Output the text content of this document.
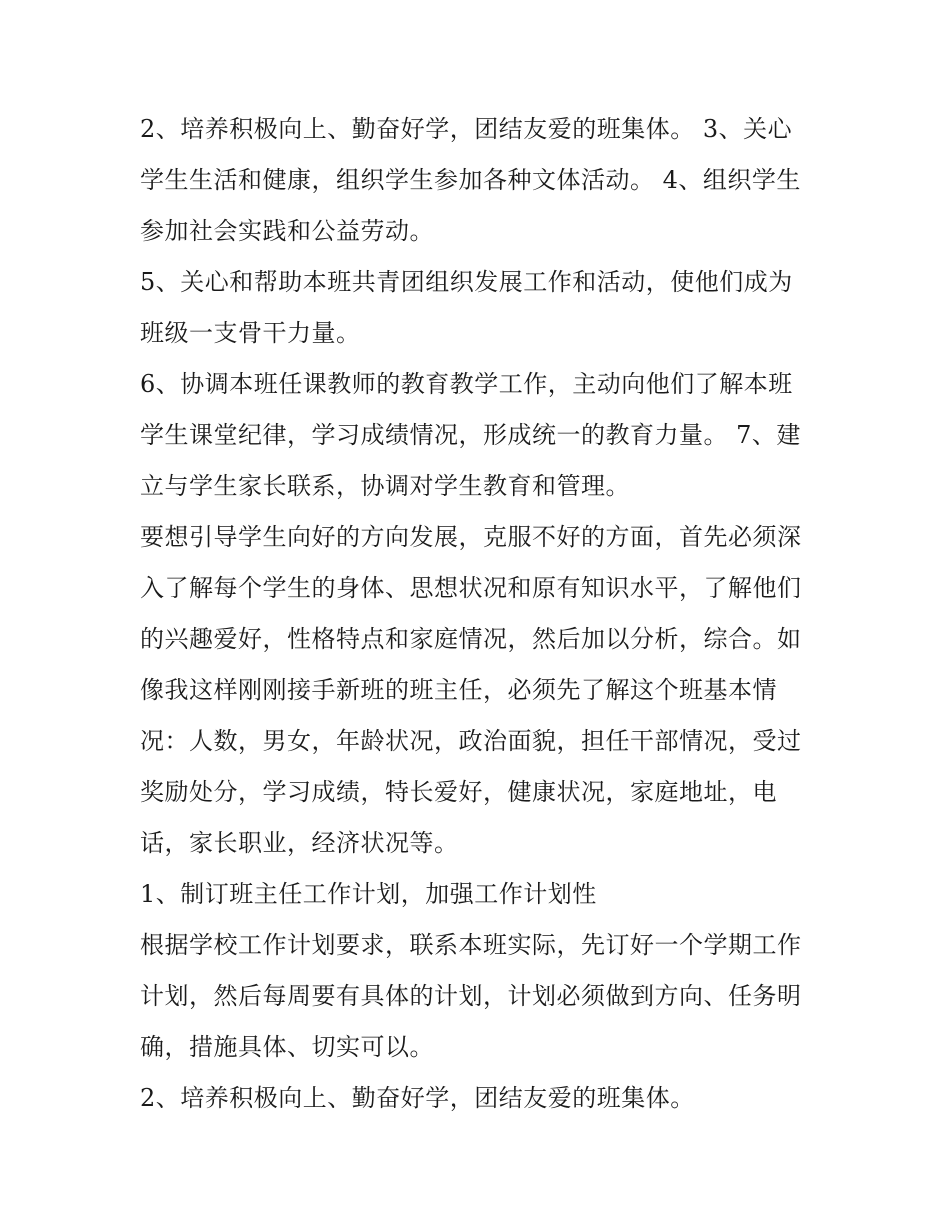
2、培养积极向上、勤奋好学，团结友爱的班集体。 3、关心
学生生活和健康，组织学生参加各种文体活动。 4、组织学生
参加社会实践和公益劳动。
5、关心和帮助本班共青团组织发展工作和活动，使他们成为
班级一支骨干力量。
6、协调本班任课教师的教育教学工作，主动向他们了解本班
学生课堂纪律，学习成绩情况，形成统一的教育力量。 7、建
立与学生家长联系，协调对学生教育和管理。
要想引导学生向好的方向发展，克服不好的方面，首先必须深
入了解每个学生的身体、思想状况和原有知识水平，了解他们
的兴趣爱好，性格特点和家庭情况，然后加以分析，综合。如
像我这样刚刚接手新班的班主任，必须先了解这个班基本情
况：人数，男女，年龄状况，政治面貌，担任干部情况，受过
奖励处分，学习成绩，特长爱好，健康状况，家庭地址，电
话，家长职业，经济状况等。
1、制订班主任工作计划，加强工作计划性
根据学校工作计划要求，联系本班实际，先订好一个学期工作
计划，然后每周要有具体的计划，计划必须做到方向、任务明
确，措施具体、切实可以。
2、培养积极向上、勤奋好学，团结友爱的班集体。
